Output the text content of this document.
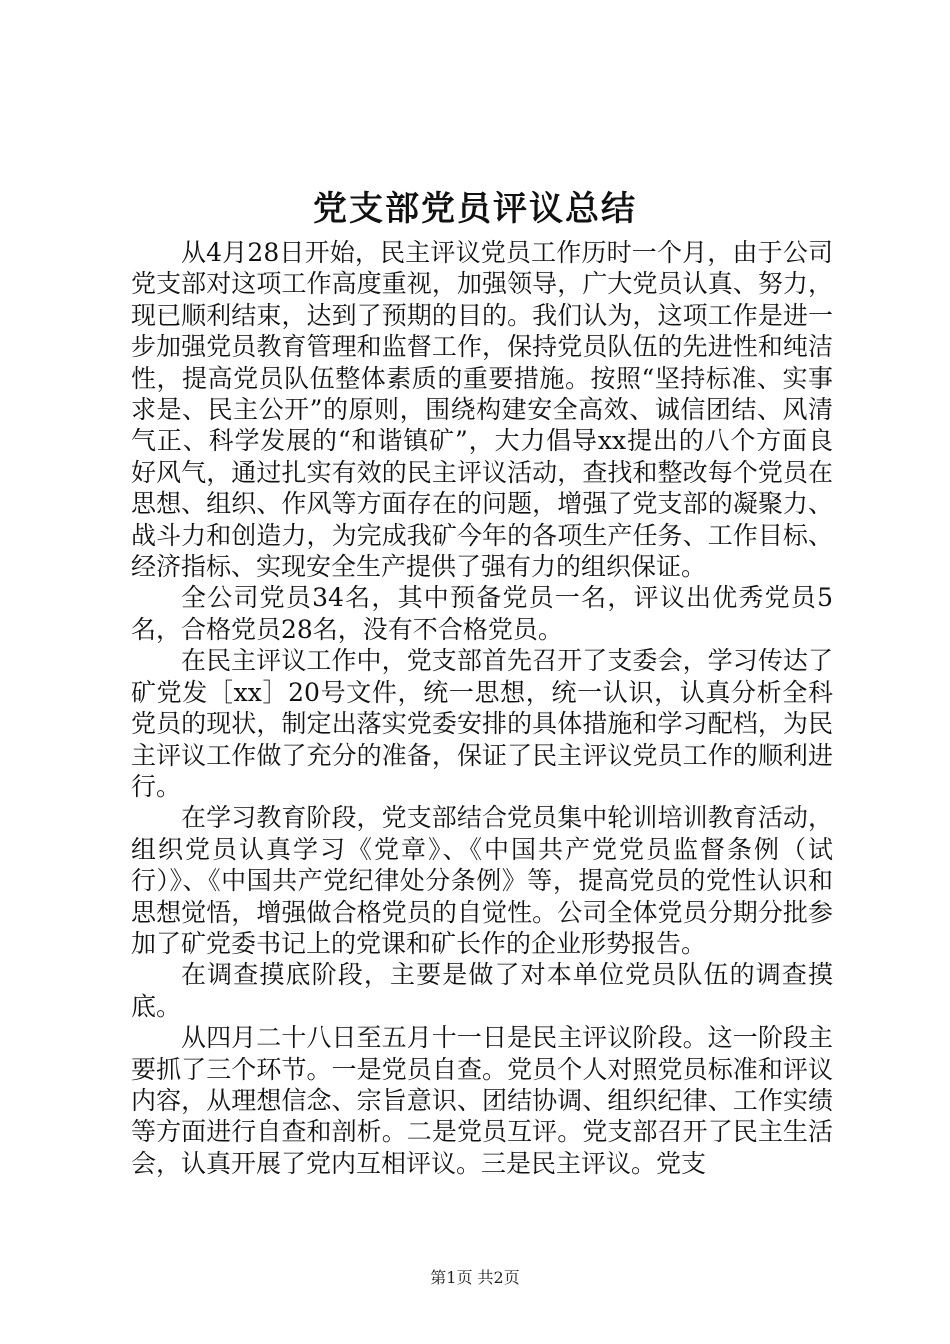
党支部党员评议总结

从4月28日开始，民主评议党员工作历时一个月，由于公司党支部对这项工作高度重视，加强领导，广大党员认真、努力，现已顺利结束，达到了预期的目的。我们认为，这项工作是进一步加强党员教育管理和监督工作，保持党员队伍的先进性和纯洁性，提高党员队伍整体素质的重要措施。按照“坚持标准、实事求是、民主公开”的原则，围绕构建安全高效、诚信团结、风清气正、科学发展的“和谐镇矿”，大力倡导xx提出的八个方面良好风气，通过扎实有效的民主评议活动，查找和整改每个党员在思想、组织、作风等方面存在的问题，增强了党支部的凝聚力、战斗力和创造力，为完成我矿今年的各项生产任务、工作目标、经济指标、实现安全生产提供了强有力的组织保证。

全公司党员34名，其中预备党员一名，评议出优秀党员5名，合格党员28名，没有不合格党员。

在民主评议工作中，党支部首先召开了支委会，学习传达了矿党发［xx］20号文件，统一思想，统一认识，认真分析全科党员的现状，制定出落实党委安排的具体措施和学习配档，为民主评议工作做了充分的准备，保证了民主评议党员工作的顺利进行。

在学习教育阶段，党支部结合党员集中轮训培训教育活动，组织党员认真学习《党章》、《中国共产党党员监督条例（试行）》、《中国共产党纪律处分条例》等，提高党员的党性认识和思想觉悟，增强做合格党员的自觉性。公司全体党员分期分批参加了矿党委书记上的党课和矿长作的企业形势报告。

在调查摸底阶段，主要是做了对本单位党员队伍的调查摸底。

从四月二十八日至五月十一日是民主评议阶段。这一阶段主要抓了三个环节。一是党员自查。党员个人对照党员标准和评议内容，从理想信念、宗旨意识、团结协调、组织纪律、工作实绩等方面进行自查和剖析。二是党员互评。党支部召开了民主生活会，认真开展了党内互相评议。三是民主评议。党支

第1页 共2页
